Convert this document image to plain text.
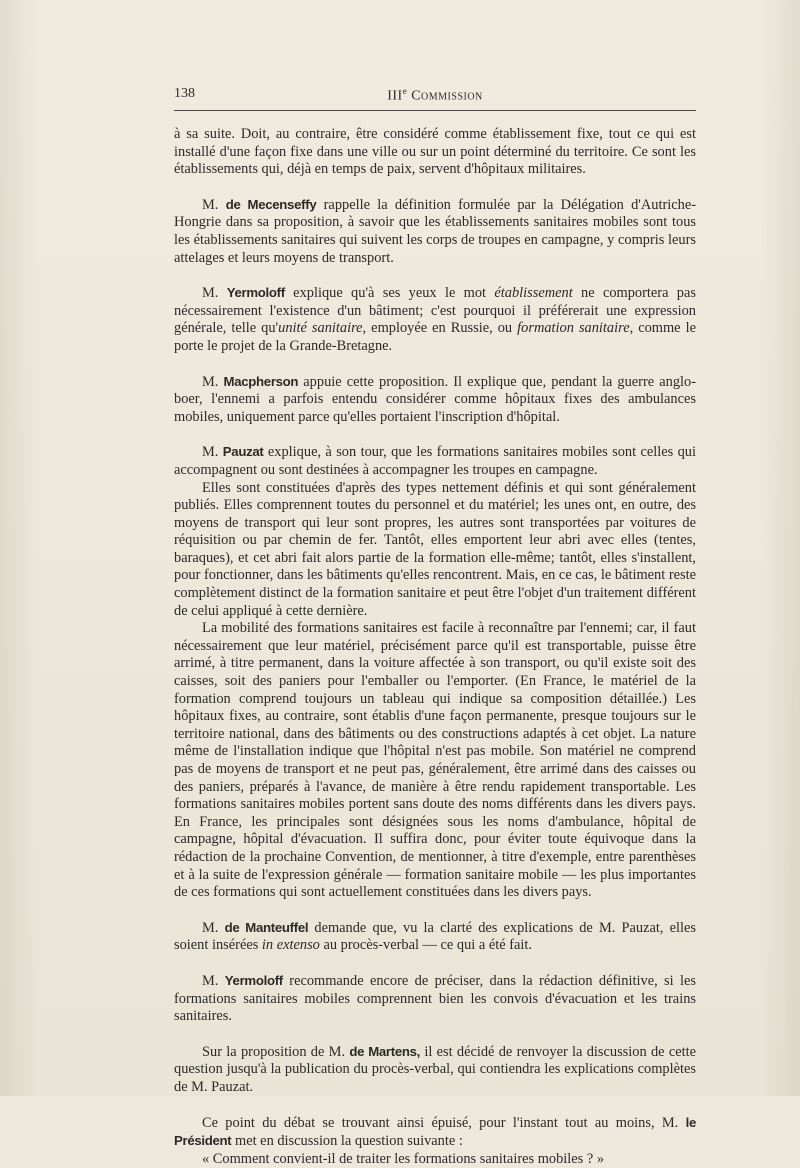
138	IIIe Commission

à sa suite. Doit, au contraire, être considéré comme établissement fixe, tout ce qui est installé d'une façon fixe dans une ville ou sur un point déterminé du territoire. Ce sont les établissements qui, déjà en temps de paix, servent d'hôpitaux militaires.

M. de Mecenseffy rappelle la définition formulée par la Délégation d'Autriche-Hongrie dans sa proposition, à savoir que les établissements sanitaires mobiles sont tous les établissements sanitaires qui suivent les corps de troupes en campagne, y compris leurs attelages et leurs moyens de transport.

M. Yermoloff explique qu'à ses yeux le mot établissement ne comportera pas nécessairement l'existence d'un bâtiment; c'est pourquoi il préférerait une expression générale, telle qu'unité sanitaire, employée en Russie, ou formation sanitaire, comme le porte le projet de la Grande-Bretagne.

M. Macpherson appuie cette proposition. Il explique que, pendant la guerre anglo-boer, l'ennemi a parfois entendu considérer comme hôpitaux fixes des ambulances mobiles, uniquement parce qu'elles portaient l'inscription d'hôpital.

M. Pauzat explique, à son tour, que les formations sanitaires mobiles sont celles qui accompagnent ou sont destinées à accompagner les troupes en campagne.

Elles sont constituées d'après des types nettement définis et qui sont généralement publiés. Elles comprennent toutes du personnel et du matériel; les unes ont, en outre, des moyens de transport qui leur sont propres, les autres sont transportées par voitures de réquisition ou par chemin de fer. Tantôt, elles emportent leur abri avec elles (tentes, baraques), et cet abri fait alors partie de la formation elle-même; tantôt, elles s'installent, pour fonctionner, dans les bâtiments qu'elles rencontrent. Mais, en ce cas, le bâtiment reste complètement distinct de la formation sanitaire et peut être l'objet d'un traitement différent de celui appliqué à cette dernière.

La mobilité des formations sanitaires est facile à reconnaître par l'ennemi; car, il faut nécessairement que leur matériel, précisément parce qu'il est transportable, puisse être arrimé, à titre permanent, dans la voiture affectée à son transport, ou qu'il existe soit des caisses, soit des paniers pour l'emballer ou l'emporter. (En France, le matériel de la formation comprend toujours un tableau qui indique sa composition détaillée.) Les hôpitaux fixes, au contraire, sont établis d'une façon permanente, presque toujours sur le territoire national, dans des bâtiments ou des constructions adaptés à cet objet. La nature même de l'installation indique que l'hôpital n'est pas mobile. Son matériel ne comprend pas de moyens de transport et ne peut pas, généralement, être arrimé dans des caisses ou des paniers, préparés à l'avance, de manière à être rendu rapidement transportable. Les formations sanitaires mobiles portent sans doute des noms différents dans les divers pays. En France, les principales sont désignées sous les noms d'ambulance, hôpital de campagne, hôpital d'évacuation. Il suffira donc, pour éviter toute équivoque dans la rédaction de la prochaine Convention, de mentionner, à titre d'exemple, entre parenthèses et à la suite de l'expression générale — formation sanitaire mobile — les plus importantes de ces formations qui sont actuellement constituées dans les divers pays.

M. de Manteuffel demande que, vu la clarté des explications de M. Pauzat, elles soient insérées in extenso au procès-verbal — ce qui a été fait.

M. Yermoloff recommande encore de préciser, dans la rédaction définitive, si les formations sanitaires mobiles comprennent bien les convois d'évacuation et les trains sanitaires.

Sur la proposition de M. de Martens, il est décidé de renvoyer la discussion de cette question jusqu'à la publication du procès-verbal, qui contiendra les explications complètes de M. Pauzat.

Ce point du débat se trouvant ainsi épuisé, pour l'instant tout au moins, M. le Président met en discussion la question suivante :

« Comment convient-il de traiter les formations sanitaires mobiles ? »
